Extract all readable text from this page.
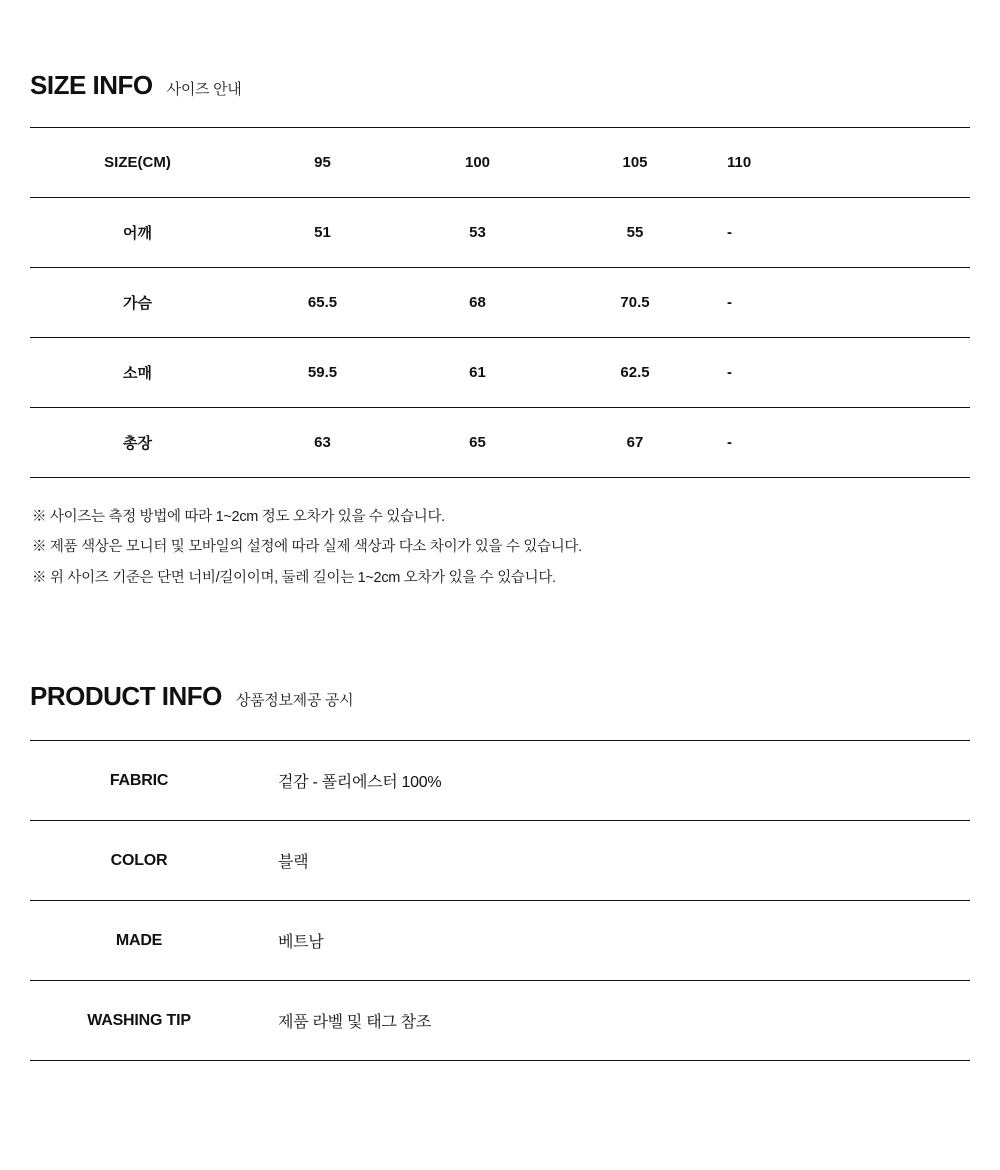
SIZE INFO 사이즈 안내
SIZE(CM)	95	100	105	110
어깨	51	53	55	-
가슴	65.5	68	70.5	-
소매	59.5	61	62.5	-
총장	63	65	67	-

※ 사이즈는 측정 방법에 따라 1~2cm 정도 오차가 있을 수 있습니다.

※ 제품 색상은 모니터 및 모바일의 설정에 따라 실제 색상과 다소 차이가 있을 수 있습니다.

※ 위 사이즈 기준은 단면 너비/길이이며, 둘레 길이는 1~2cm 오차가 있을 수 있습니다.

PRODUCT INFO 상품정보제공 공시
FABRIC	겉감 - 폴리에스터 100%
COLOR	블랙
MADE	베트남
WASHING TIP	제품 라벨 및 태그 참조
